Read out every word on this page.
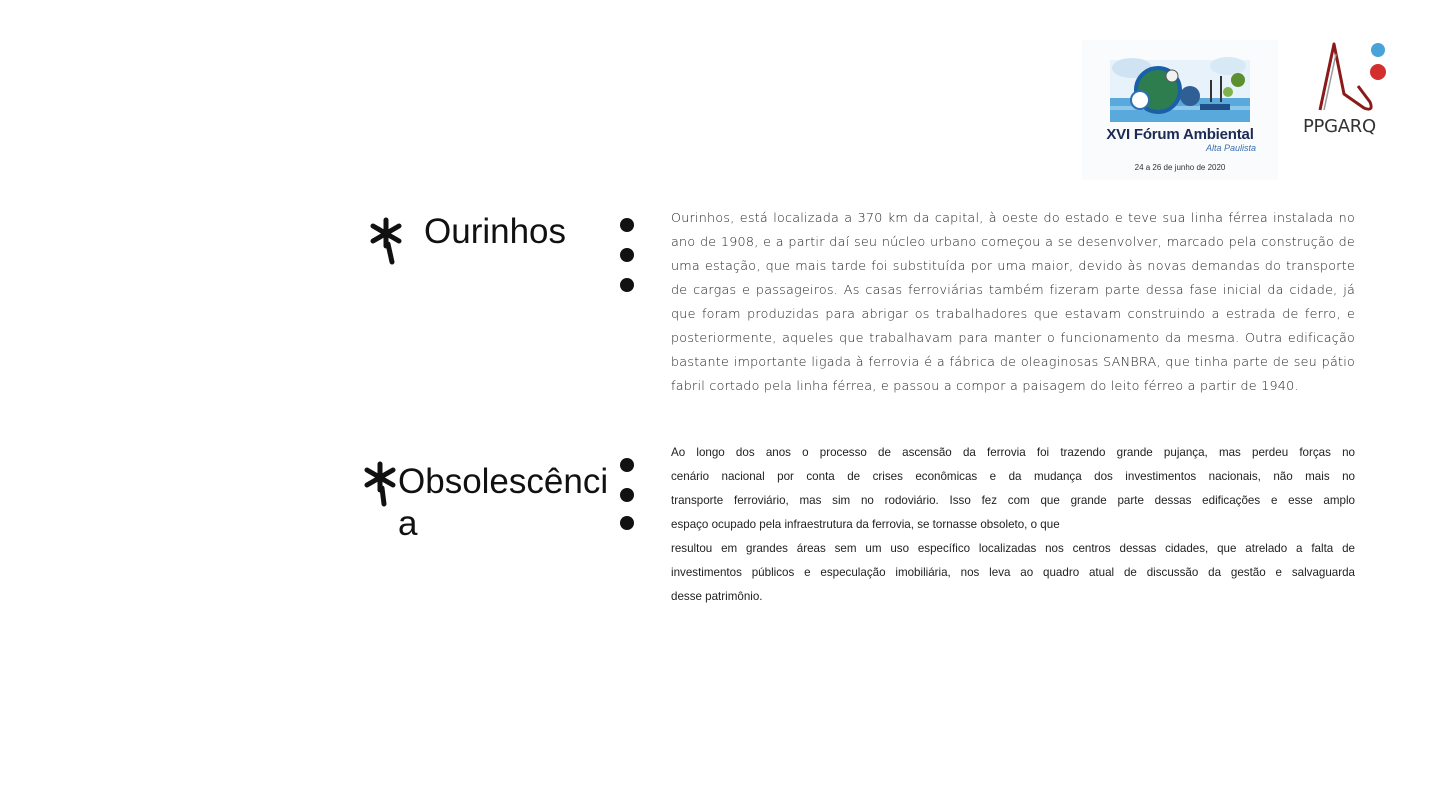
XVI Fórum Ambiental
Alta Paulista
24 a 26 de junho de 2020
PPGARQ
Ourinhos	Ourinhos, está localizada a 370 km da capital, à oeste do estado e teve sua linha férrea instalada no ano de 1908, e a partir daí seu núcleo urbano começou a se desenvolver, marcado pela construção de uma estação, que mais tarde foi substituída por uma maior, devido às novas demandas do transporte de cargas e passageiros. As casas ferroviárias também fizeram parte dessa fase inicial da cidade, já que foram produzidas para abrigar os trabalhadores que estavam construindo a estrada de ferro, e posteriormente, aqueles que trabalhavam para manter o funcionamento da mesma. Outra edificação bastante importante ligada à ferrovia é a fábrica de oleaginosas SANBRA, que tinha parte de seu pátio fabril cortado pela linha férrea, e passou a compor a paisagem do leito férreo a partir de 1940.
Obsolescênci
a
Ao longo dos anos o processo de ascensão da ferrovia foi trazendo grande pujança, mas perdeu forças no
cenário nacional por conta de crises econômicas e da mudança dos investimentos nacionais, não mais no
transporte ferroviário, mas sim no rodoviário. Isso fez com que grande parte dessas edificações e esse amplo
espaço ocupado pela infraestrutura da ferrovia, se tornasse obsoleto, o que
resultou em grandes áreas sem um uso específico localizadas nos centros dessas cidades, que atrelado a falta de
investimentos públicos e especulação imobiliária, nos leva ao quadro atual de discussão da gestão e salvaguarda
desse patrimônio.
